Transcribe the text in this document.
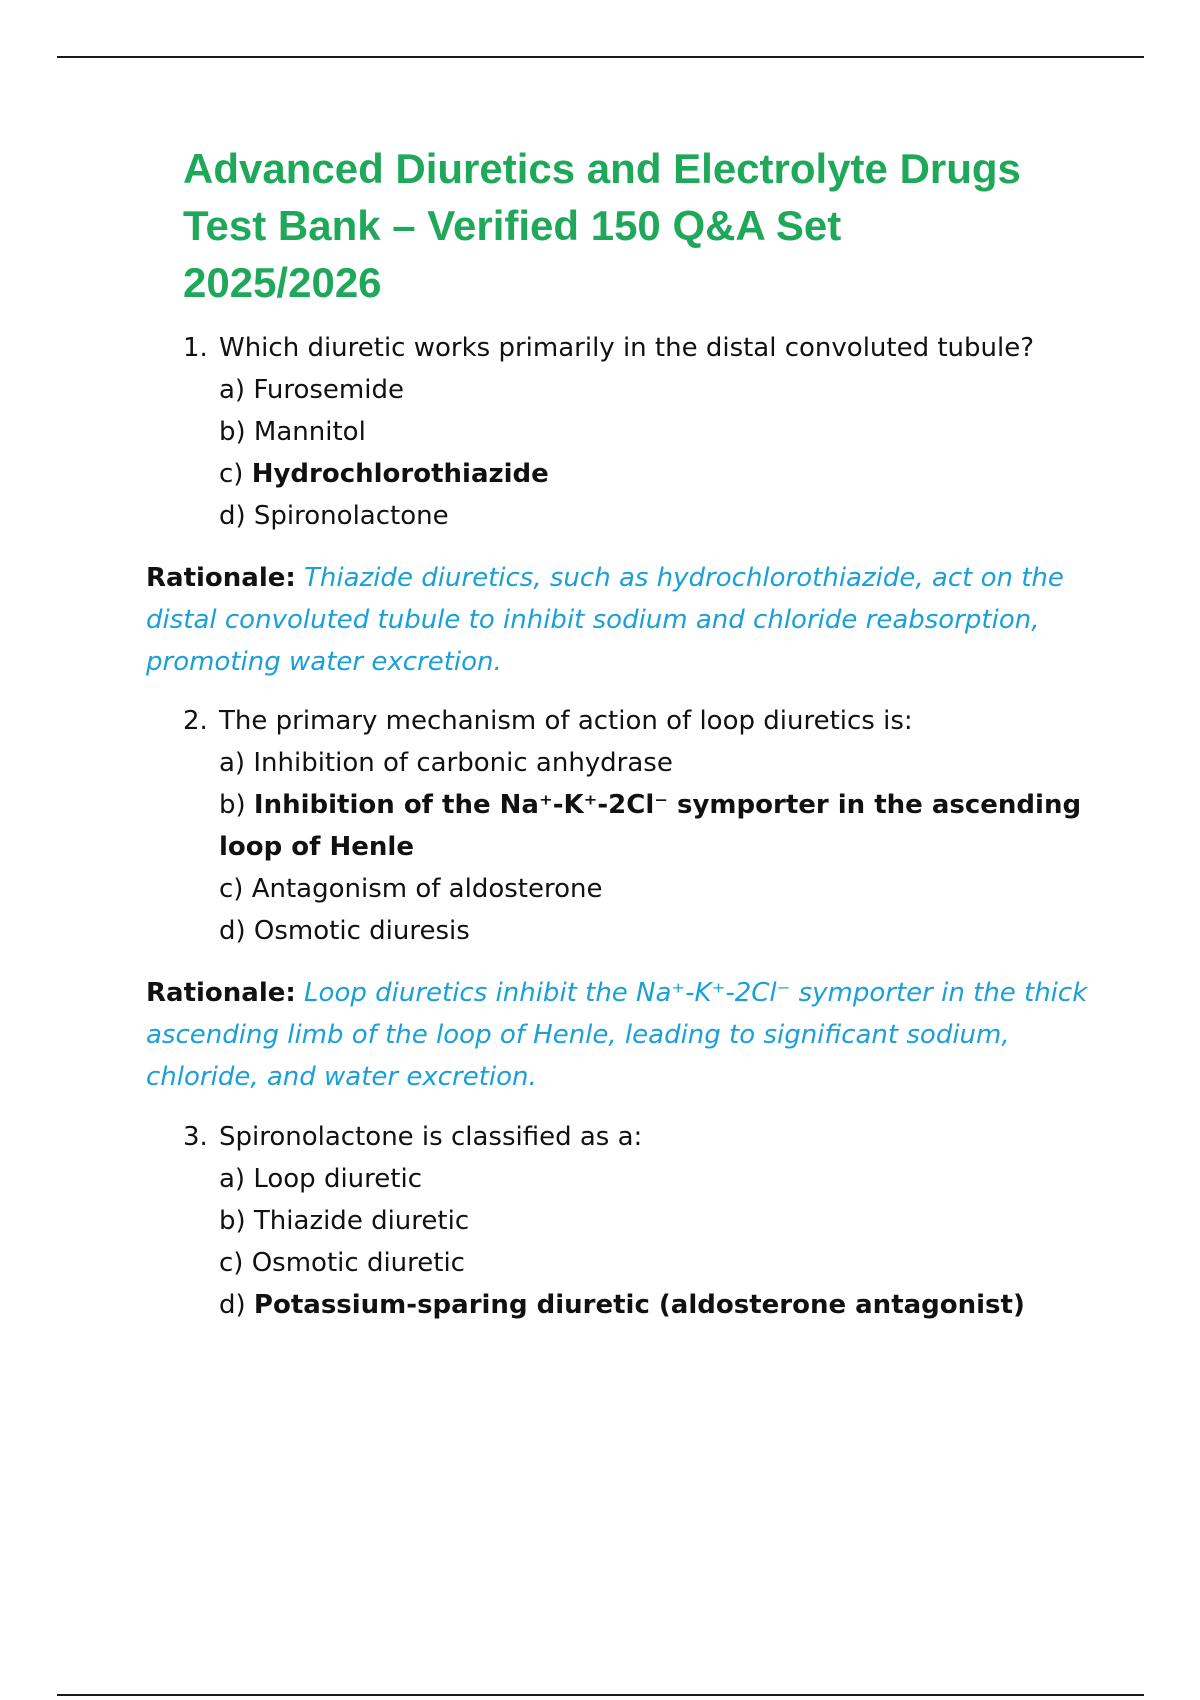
Advanced Diuretics and Electrolyte Drugs
Test Bank – Verified 150 Q&A Set
2025/2026

1. Which diuretic works primarily in the distal convoluted tubule?

a) Furosemide
b) Mannitol
c) Hydrochlorothiazide
d) Spironolactone

Rationale: Thiazide diuretics, such as hydrochlorothiazide, act on the distal convoluted tubule to inhibit sodium and chloride reabsorption, promoting water excretion.

2. The primary mechanism of action of loop diuretics is:

a) Inhibition of carbonic anhydrase
b) Inhibition of the Na⁺-K⁺-2Cl⁻ symporter in the ascending loop of Henle
c) Antagonism of aldosterone
d) Osmotic diuresis

Rationale: Loop diuretics inhibit the Na⁺-K⁺-2Cl⁻ symporter in the thick ascending limb of the loop of Henle, leading to significant sodium, chloride, and water excretion.

3. Spironolactone is classified as a:

a) Loop diuretic
b) Thiazide diuretic
c) Osmotic diuretic
d) Potassium-sparing diuretic (aldosterone antagonist)
